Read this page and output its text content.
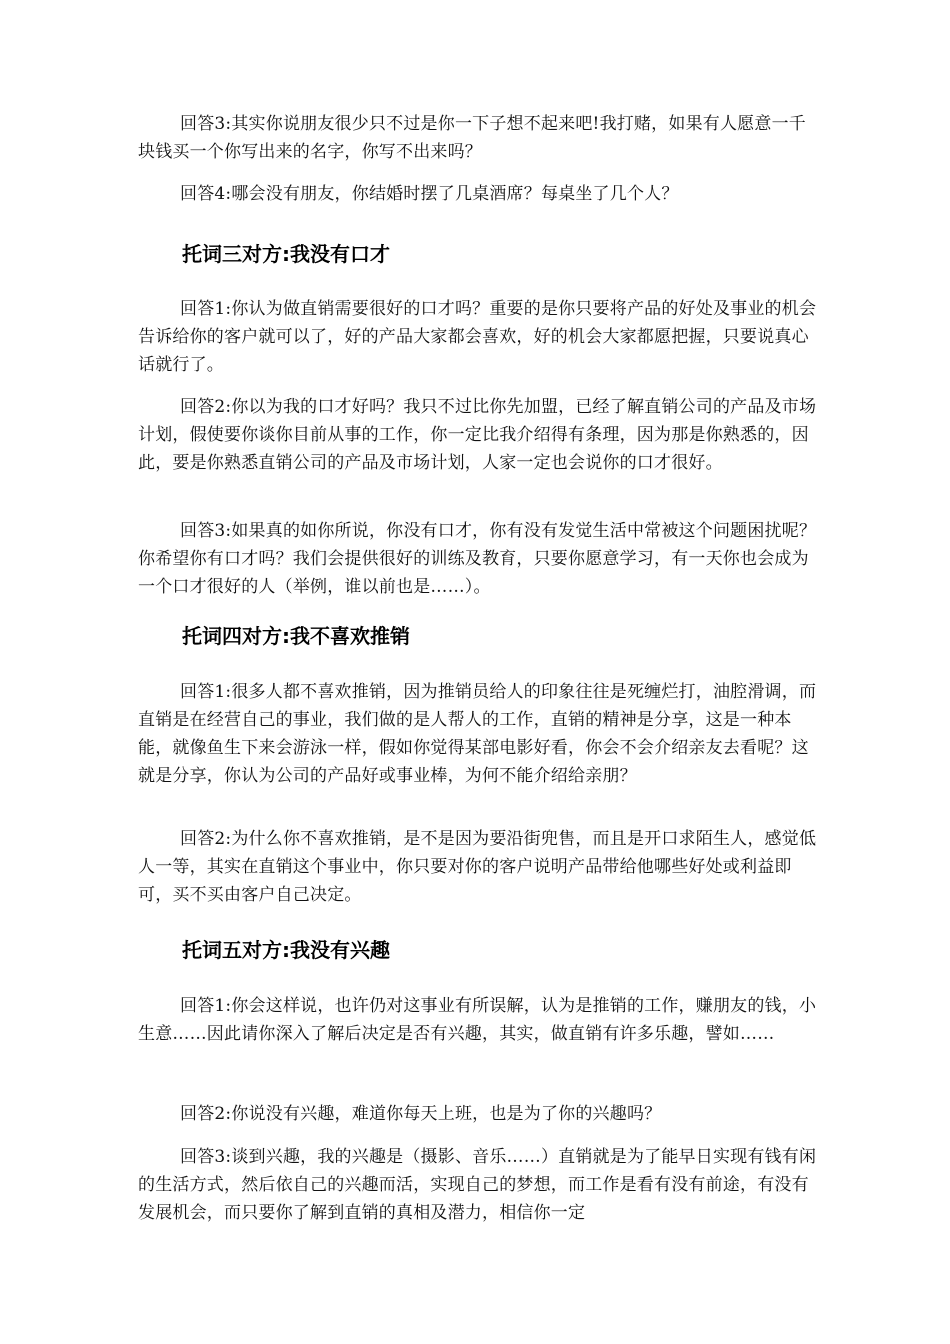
回答3:其实你说朋友很少只不过是你一下子想不起来吧!我打赌，如果有人愿意一千块钱买一个你写出来的名字，你写不出来吗？

回答4:哪会没有朋友，你结婚时摆了几桌酒席？每桌坐了几个人？

托词三对方:我没有口才

回答1:你认为做直销需要很好的口才吗？重要的是你只要将产品的好处及事业的机会告诉给你的客户就可以了，好的产品大家都会喜欢，好的机会大家都愿把握，只要说真心话就行了。

回答2:你以为我的口才好吗？我只不过比你先加盟，已经了解直销公司的产品及市场计划，假使要你谈你目前从事的工作，你一定比我介绍得有条理，因为那是你熟悉的，因此，要是你熟悉直销公司的产品及市场计划，人家一定也会说你的口才很好。

回答3:如果真的如你所说，你没有口才，你有没有发觉生活中常被这个问题困扰呢？你希望你有口才吗？我们会提供很好的训练及教育，只要你愿意学习，有一天你也会成为一个口才很好的人（举例，谁以前也是……）。

托词四对方:我不喜欢推销

回答1:很多人都不喜欢推销，因为推销员给人的印象往往是死缠烂打，油腔滑调，而直销是在经营自己的事业，我们做的是人帮人的工作，直销的精神是分享，这是一种本能，就像鱼生下来会游泳一样，假如你觉得某部电影好看，你会不会介绍亲友去看呢？这就是分享，你认为公司的产品好或事业棒，为何不能介绍给亲朋？

回答2:为什么你不喜欢推销，是不是因为要沿街兜售，而且是开口求陌生人，感觉低人一等，其实在直销这个事业中，你只要对你的客户说明产品带给他哪些好处或利益即可，买不买由客户自己决定。

托词五对方:我没有兴趣

回答1:你会这样说，也许仍对这事业有所误解，认为是推销的工作，赚朋友的钱，小生意……因此请你深入了解后决定是否有兴趣，其实，做直销有许多乐趣，譬如……

回答2:你说没有兴趣，难道你每天上班，也是为了你的兴趣吗？

回答3:谈到兴趣，我的兴趣是（摄影、音乐……）直销就是为了能早日实现有钱有闲的生活方式，然后依自己的兴趣而活，实现自己的梦想，而工作是看有没有前途，有没有发展机会，而只要你了解到直销的真相及潜力，相信你一定
